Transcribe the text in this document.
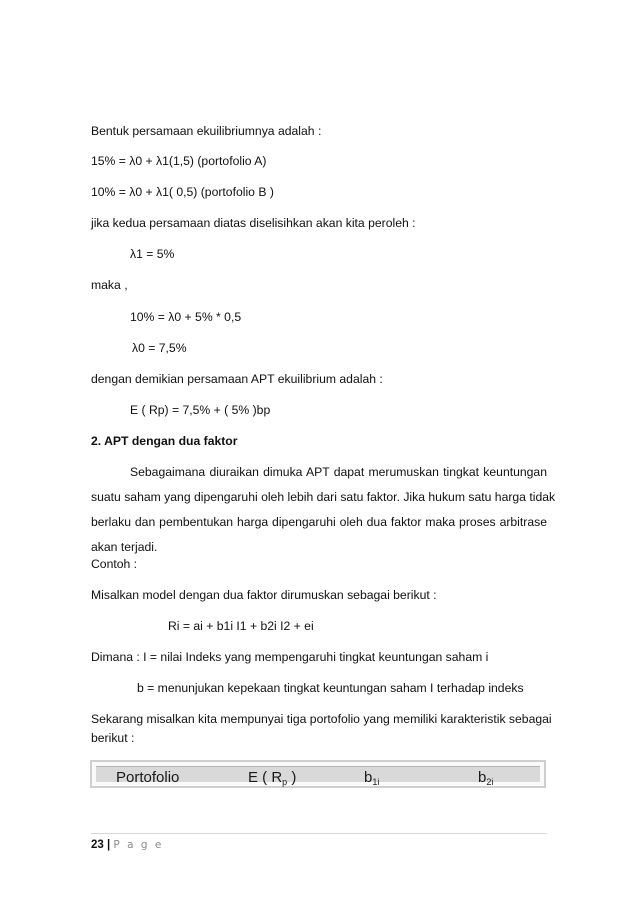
Bentuk persamaan ekuilibriumnya adalah :
15% = λ0 + λ1(1,5) (portofolio A)
10% = λ0 + λ1( 0,5) (portofolio B )
jika kedua persamaan diatas diselisihkan akan kita peroleh :
λ1 = 5%
maka ,
10% = λ0 + 5% * 0,5
λ0 = 7,5%
dengan demikian persamaan APT ekuilibrium adalah :
E ( Rp) = 7,5% + ( 5% )bp
2. APT dengan dua faktor
Sebagaimana diuraikan dimuka APT dapat merumuskan tingkat keuntungan
suatu saham yang dipengaruhi oleh lebih dari satu faktor. Jika hukum satu harga tidak
berlaku dan pembentukan harga dipengaruhi oleh dua faktor maka proses arbitrase
akan terjadi.
Contoh :
Misalkan model dengan dua faktor dirumuskan sebagai berikut :
Ri = ai + b1i I1 + b2i I2 + ei
Dimana : I = nilai Indeks yang mempengaruhi tingkat keuntungan saham i
b = menunjukan kepekaan tingkat keuntungan saham I terhadap indeks
Sekarang misalkan kita mempunyai tiga portofolio yang memiliki karakteristik sebagai
berikut :
Portofolio	E ( $R_p$ )	$b_{1i}$	$b_{2i}$
23 | P a g e
